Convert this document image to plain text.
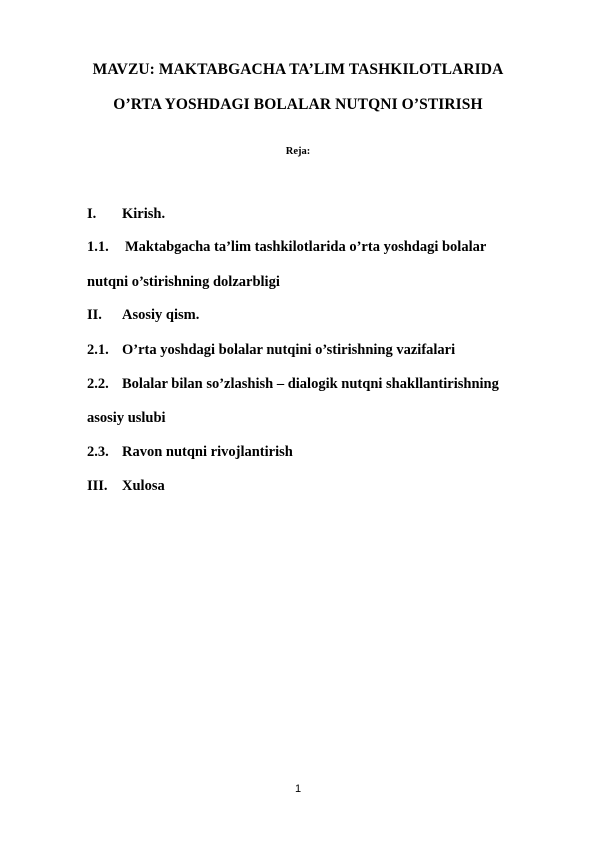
MAVZU: MAKTABGACHA TA’LIM TASHKILOTLARIDA
O’RTA YOSHDAGI BOLALAR NUTQNI O’STIRISH
Reja:
I. Kirish.
1.1. Maktabgacha ta’lim tashkilotlarida o’rta yoshdagi bolalar
nutqni o’stirishning dolzarbligi
II. Asosiy qism.
2.1. O’rta yoshdagi bolalar nutqini o’stirishning vazifalari
2.2. Bolalar bilan so’zlashish – dialogik nutqni shakllantirishning
asosiy uslubi
2.3. Ravon nutqni rivojlantirish
III. Xulosa
1
